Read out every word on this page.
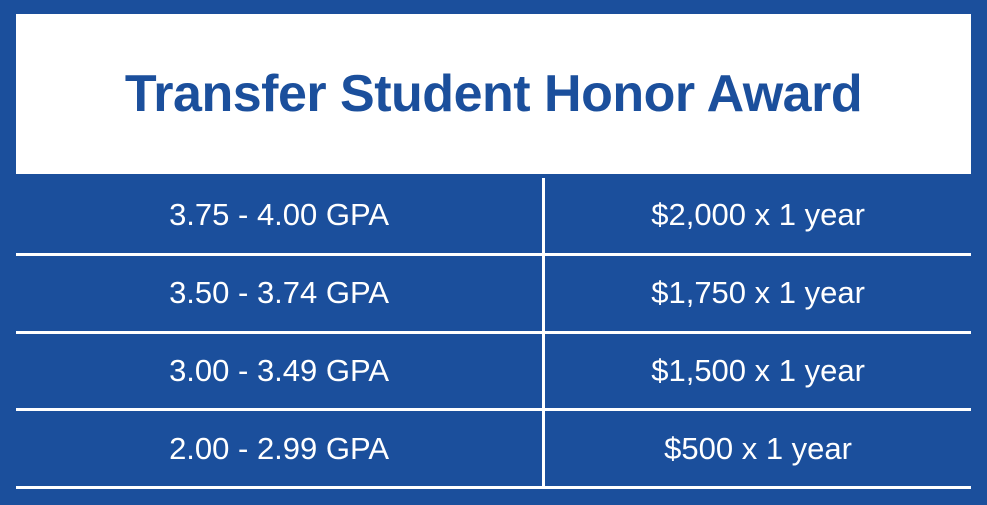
Transfer Student Honor Award
3.75 - 4.00 GPA	$2,000 x 1 year
3.50 - 3.74 GPA	$1,750 x 1 year
3.00 - 3.49 GPA	$1,500 x 1 year
2.00 - 2.99 GPA	$500 x 1 year
